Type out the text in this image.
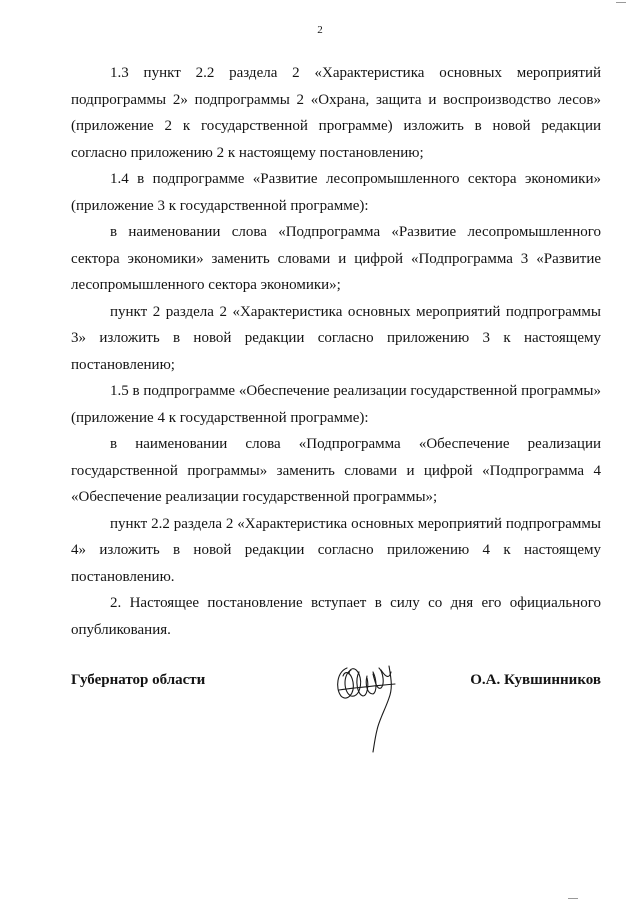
2

1.3 пункт 2.2 раздела 2 «Характеристика основных мероприятий подпрограммы 2» подпрограммы 2 «Охрана, защита и воспроизводство лесов» (приложение 2 к государственной программе) изложить в новой редакции согласно приложению 2 к настоящему постановлению;

1.4 в подпрограмме «Развитие лесопромышленного сектора экономики» (приложение 3 к государственной программе):

в наименовании слова «Подпрограмма «Развитие лесопромышленного сектора экономики» заменить словами и цифрой «Подпрограмма 3 «Развитие лесопромышленного сектора экономики»;

пункт 2 раздела 2 «Характеристика основных мероприятий подпрограммы 3» изложить в новой редакции согласно приложению 3 к настоящему постановлению;

1.5 в подпрограмме «Обеспечение реализации государственной программы» (приложение 4 к государственной программе):

в наименовании слова «Подпрограмма «Обеспечение реализации государственной программы» заменить словами и цифрой «Подпрограмма 4 «Обеспечение реализации государственной программы»;

пункт 2.2 раздела 2 «Характеристика основных мероприятий подпрограммы 4» изложить в новой редакции согласно приложению 4 к настоящему постановлению.

2. Настоящее постановление вступает в силу со дня его официального опубликования.

Губернатор области	О.А. Кувшинников
